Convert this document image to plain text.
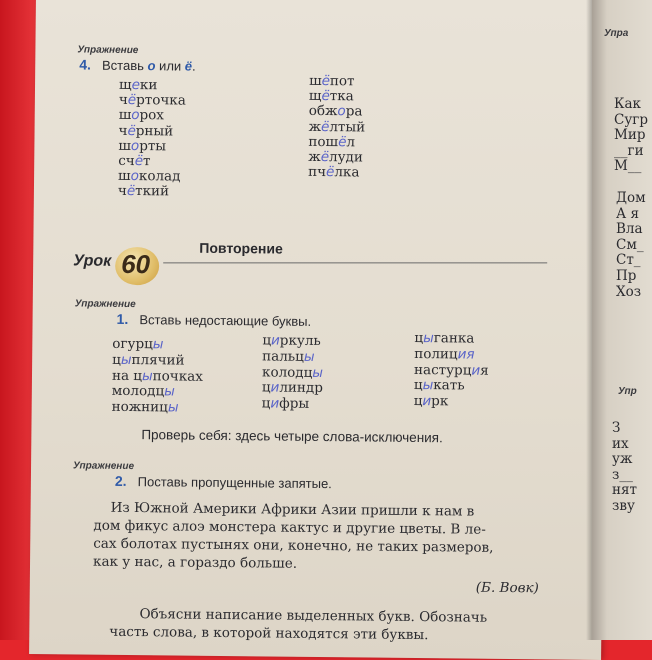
Упражнение
4. Вставь о или ё.
щеки
чёрточка
шорох
чёрный
шорты
счёт
шоколад
чёткий
шёпот
щётка
обжора
жёлтый
пошёл
жёлуди
пчёлка
Урок 60
Повторение
Упражнение
1. Вставь недостающие буквы.
огурцы
цыплячий
на цыпочках
молодцы
ножницы
циркуль
пальцы
колодцы
цилиндр
цифры
цыганка
полиция
настурция
цыкать
цирк
Проверь себя: здесь четыре слова-исключения.
Упражнение
2. Поставь пропущенные запятые.
Из Южной Америки Африки Азии пришли к нам в
дом фикус алоэ монстера кактус и другие цветы. В ле-
сах болотах пустынях они, конечно, не таких размеров,
как у нас, а гораздо больше.
(Б. Вовк)
Объясни написание выделенных букв. Обозначь
часть слова, в которой находятся эти буквы.
Упра
Как
Сугр
Мир
__ги
М__
Дом
А я
Вла
См_
Ст_
Пр
Хоз
Упр
З
их
уж
з__
нят
зву
